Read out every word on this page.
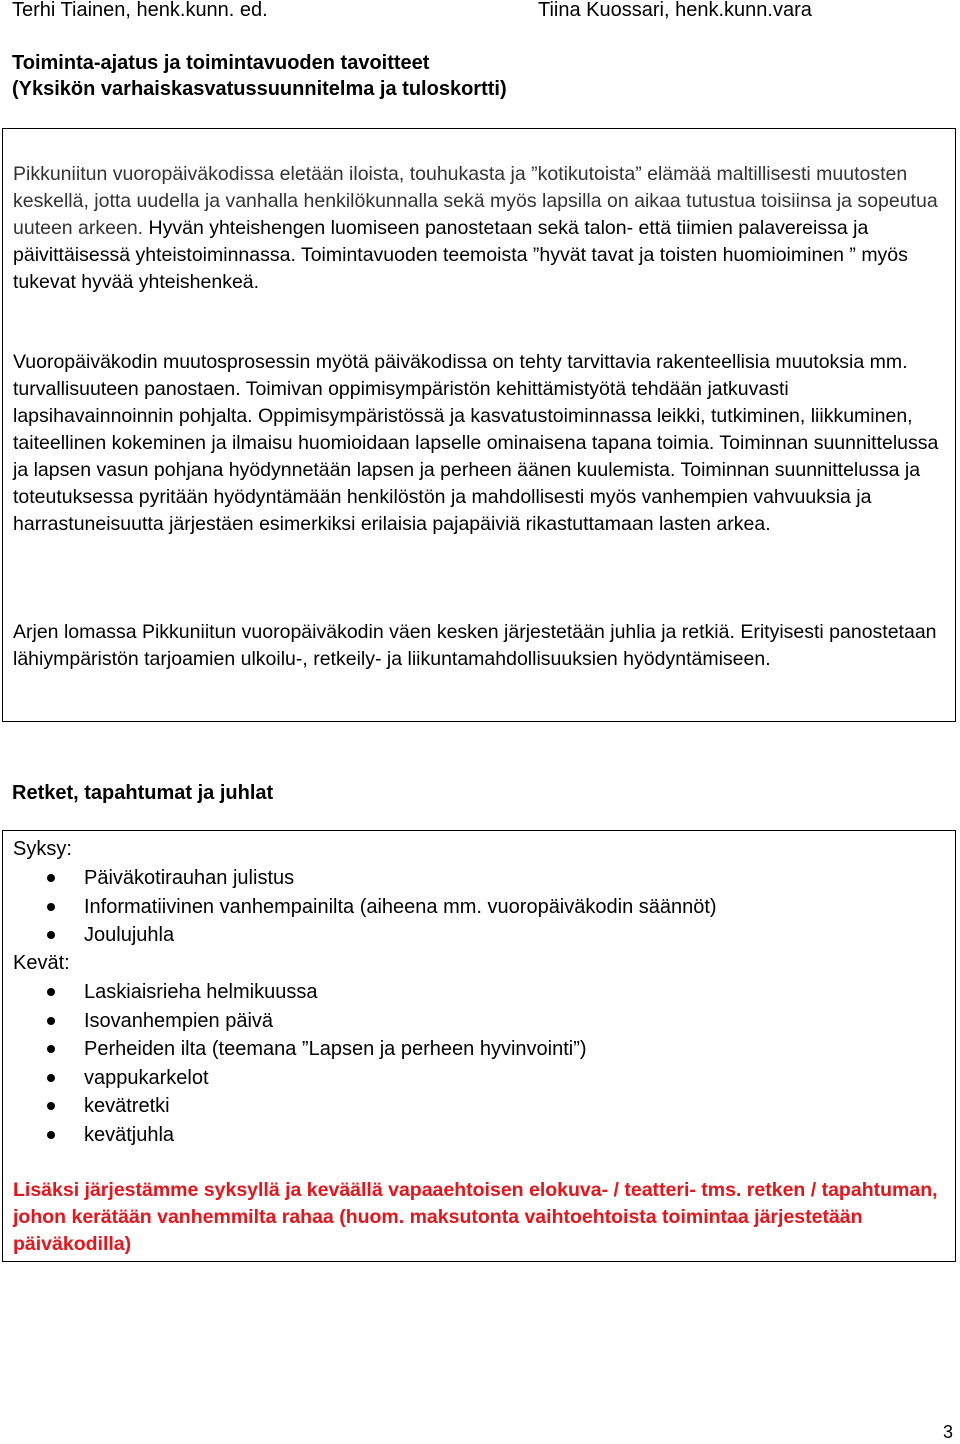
Terhi Tiainen, henk.kunn. ed.	Tiina Kuossari, henk.kunn.vara
Toiminta-ajatus ja toimintavuoden tavoitteet
(Yksikön varhaiskasvatussuunnitelma ja tuloskortti)
Pikkuniitun vuoropäiväkodissa eletään iloista, touhukasta ja ”kotikutoista” elämää maltillisesti muutosten keskellä, jotta uudella ja vanhalla henkilökunnalla sekä myös lapsilla on aikaa tutustua toisiinsa ja sopeutua uuteen arkeen. Hyvän yhteishengen luomiseen panostetaan sekä talon- että tiimien palavereissa ja päivittäisessä yhteistoiminnassa. Toimintavuoden teemoista ”hyvät tavat ja toisten huomioiminen ” myös tukevat hyvää yhteishenkeä.
Vuoropäiväkodin muutosprosessin myötä päiväkodissa on tehty tarvittavia rakenteellisia muutoksia mm. turvallisuuteen panostaen. Toimivan oppimisympäristön kehittämistyötä tehdään jatkuvasti lapsihavainnoinnin pohjalta. Oppimisympäristössä ja kasvatustoiminnassa leikki, tutkiminen, liikkuminen, taiteellinen kokeminen ja ilmaisu huomioidaan lapselle ominaisena tapana toimia. Toiminnan suunnittelussa ja lapsen vasun pohjana hyödynnetään lapsen ja perheen äänen kuulemista. Toiminnan suunnittelussa ja toteutuksessa pyritään hyödyntämään henkilöstön ja mahdollisesti myös vanhempien vahvuuksia ja harrastuneisuutta järjestäen esimerkiksi erilaisia pajapäiviä rikastuttamaan lasten arkea.
Arjen lomassa Pikkuniitun vuoropäiväkodin väen kesken järjestetään juhlia ja retkiä. Erityisesti panostetaan lähiympäristön tarjoamien ulkoilu-, retkeily- ja liikuntamahdollisuuksien hyödyntämiseen.
Retket, tapahtumat ja juhlat
Syksy:
Päiväkotirauhan julistus
Informatiivinen vanhempainilta (aiheena mm. vuoropäiväkodin säännöt)
Joulujuhla
Kevät:
Laskiaisrieha helmikuussa
Isovanhempien päivä
Perheiden ilta (teemana ”Lapsen ja perheen hyvinvointi”)
vappukarkelot
kevätretki
kevätjuhla
Lisäksi järjestämme syksyllä ja keväällä vapaaehtoisen elokuva- / teatteri- tms. retken / tapahtuman, johon kerätään vanhemmilta rahaa (huom. maksutonta vaihtoehtoista toimintaa järjestetään päiväkodilla)
3
